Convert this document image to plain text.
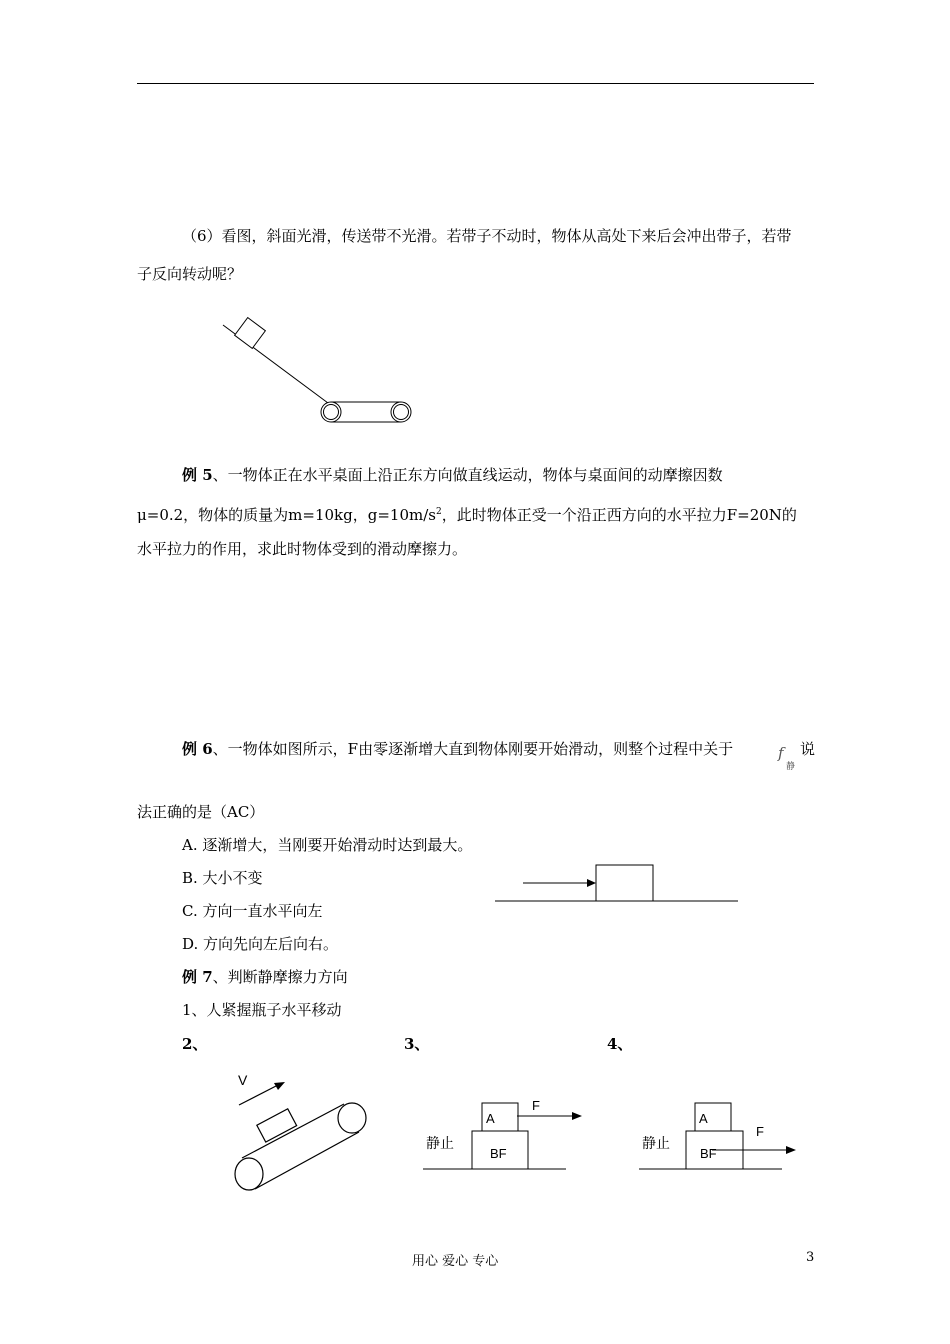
（6）看图，斜面光滑，传送带不光滑。若带子不动时，物体从高处下来后会冲出带子，若带
子反向转动呢？
例 5、一物体正在水平桌面上沿正东方向做直线运动，物体与桌面间的动摩擦因数
μ=0.2，物体的质量为m=10kg，$g=10m/s^2$，此时物体正受一个沿正西方向的水平拉力F=20N的
水平拉力的作用，求此时物体受到的滑动摩擦力。
例 6、一物体如图所示，F由零逐渐增大直到物体刚要开始滑动，则整个过程中关于	f
静
说
法正确的是（AC）
A. 逐渐增大，当刚要开始滑动时达到最大。
B. 大小不变
C. 方向一直水平向左
D. 方向先向左后向右。
例 7、判断静摩擦力方向
1、人紧握瓶子水平移动
2、	3、	4、
V
A
F
BF
静止
A
F
BF
静止
用心 爱心 专心	3
